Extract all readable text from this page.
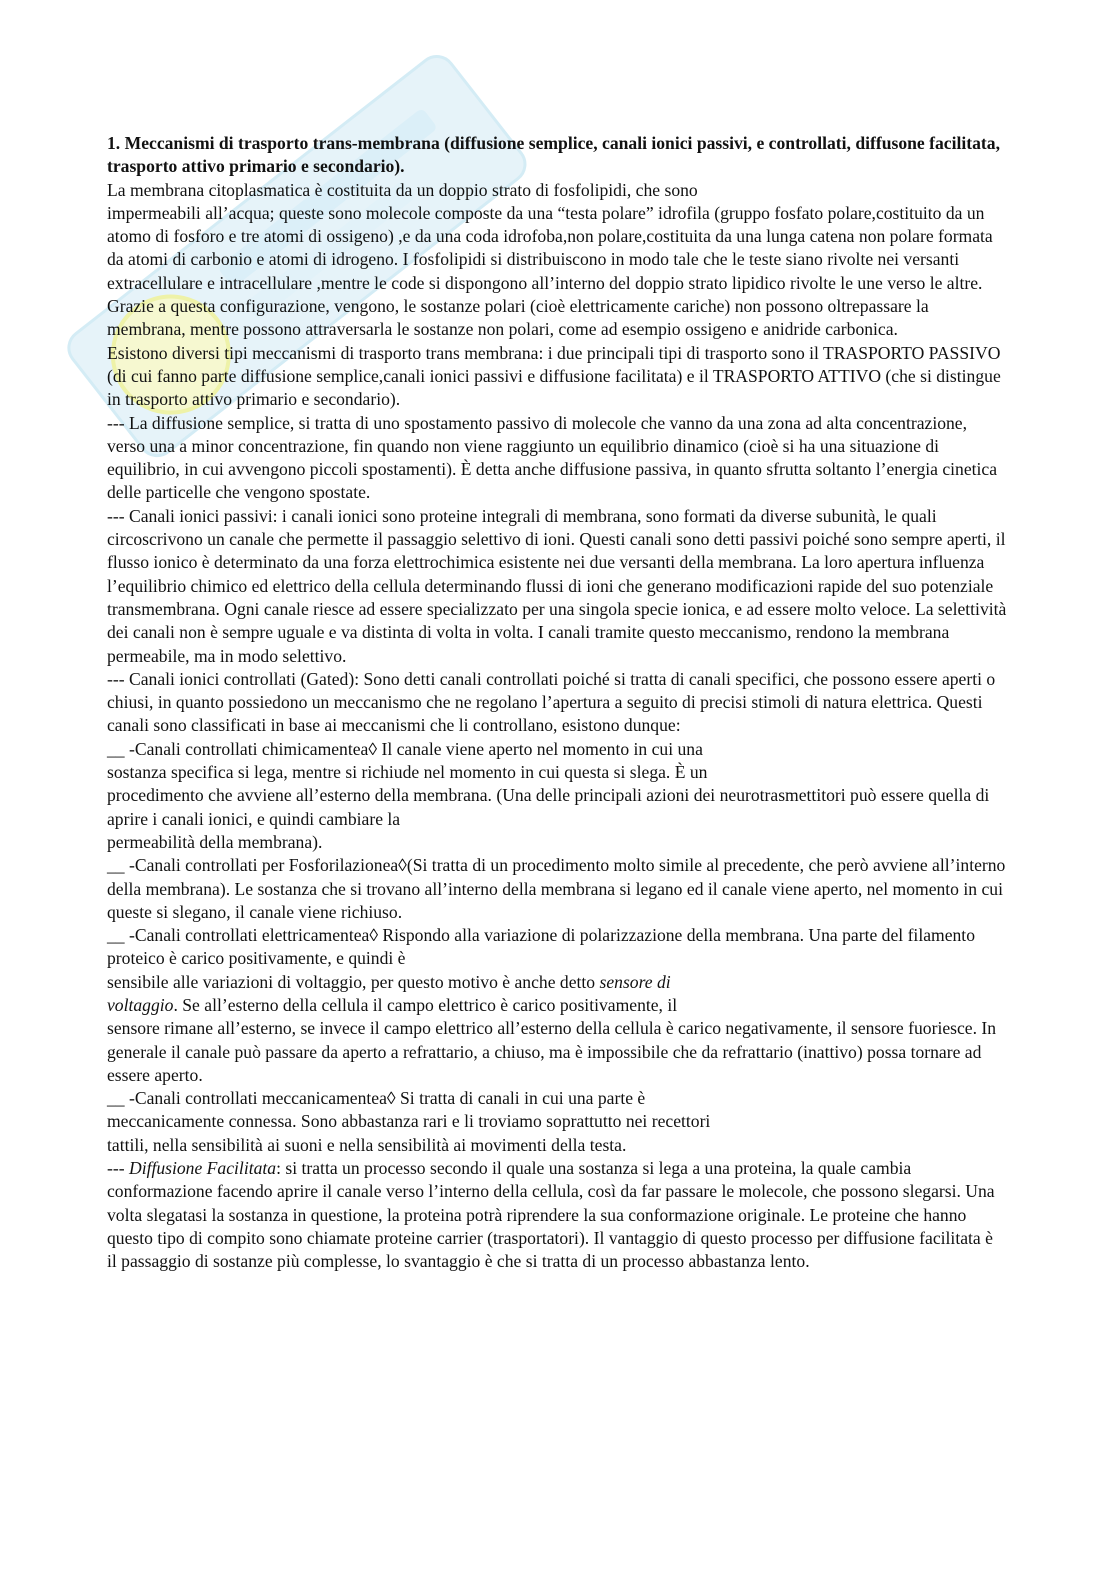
1. Meccanismi di trasporto trans-membrana (diffusione semplice, canali ionici passivi, e controllati, diffusone facilitata, trasporto attivo primario e secondario).

La membrana citoplasmatica è costituita da un doppio strato di fosfolipidi, che sono

impermeabili all’acqua; queste sono molecole composte da una “testa polare” idrofila (gruppo fosfato polare,costituito da un atomo di fosforo e tre atomi di ossigeno) ,e da una coda idrofoba,non polare,costituita da una lunga catena non polare formata da atomi di carbonio e atomi di idrogeno. I fosfolipidi si distribuiscono in modo tale che le teste siano rivolte nei versanti extracellulare e intracellulare ,mentre le code si dispongono all’interno del doppio strato lipidico rivolte le une verso le altre.

Grazie a questa configurazione, vengono, le sostanze polari (cioè elettricamente cariche) non possono oltrepassare la membrana, mentre possono attraversarla le sostanze non polari, come ad esempio ossigeno e anidride carbonica.

Esistono diversi tipi meccanismi di trasporto trans membrana: i due principali tipi di trasporto sono il TRASPORTO PASSIVO (di cui fanno parte diffusione semplice,canali ionici passivi e diffusione facilitata) e il TRASPORTO ATTIVO (che si distingue in trasporto attivo primario e secondario).

--- La diffusione semplice, si tratta di uno spostamento passivo di molecole che vanno da una zona ad alta concentrazione, verso una a minor concentrazione, fin quando non viene raggiunto un equilibrio dinamico (cioè si ha una situazione di equilibrio, in cui avvengono piccoli spostamenti). È detta anche diffusione passiva, in quanto sfrutta soltanto l’energia cinetica delle particelle che vengono spostate.

--- Canali ionici passivi: i canali ionici sono proteine integrali di membrana, sono formati da diverse subunità, le quali circoscrivono un canale che permette il passaggio selettivo di ioni. Questi canali sono detti passivi poiché sono sempre aperti, il flusso ionico è determinato da una forza elettrochimica esistente nei due versanti della membrana. La loro apertura influenza l’equilibrio chimico ed elettrico della cellula determinando flussi di ioni che generano modificazioni rapide del suo potenziale transmembrana. Ogni canale riesce ad essere specializzato per una singola specie ionica, e ad essere molto veloce. La selettività dei canali non è sempre uguale e va distinta di volta in volta. I canali tramite questo meccanismo, rendono la membrana permeabile, ma in modo selettivo.

--- Canali ionici controllati (Gated): Sono detti canali controllati poiché si tratta di canali specifici, che possono essere aperti o chiusi, in quanto possiedono un meccanismo che ne regolano l’apertura a seguito di precisi stimoli di natura elettrica. Questi canali sono classificati in base ai meccanismi che li controllano, esistono dunque:

__ -Canali controllati chimicamentea◊ Il canale viene aperto nel momento in cui una
sostanza specifica si lega, mentre si richiude nel momento in cui questa si slega. È un

procedimento che avviene all’esterno della membrana. (Una delle principali azioni dei neurotrasmettitori può essere quella di aprire i canali ionici, e quindi cambiare la

permeabilità della membrana).

__ -Canali controllati per Fosforilazionea◊(Si tratta di un procedimento molto simile al precedente, che però avviene all’interno della membrana). Le sostanza che si trovano all’interno della membrana si legano ed il canale viene aperto, nel momento in cui queste si slegano, il canale viene richiuso.

__ -Canali controllati elettricamentea◊ Rispondo alla variazione di polarizzazione della membrana. Una parte del filamento proteico è carico positivamente, e quindi è

sensibile alle variazioni di voltaggio, per questo motivo è anche detto sensore di
voltaggio. Se all’esterno della cellula il campo elettrico è carico positivamente, il

sensore rimane all’esterno, se invece il campo elettrico all’esterno della cellula è carico negativamente, il sensore fuoriesce. In generale il canale può passare da aperto a refrattario, a chiuso, ma è impossibile che da refrattario (inattivo) possa tornare ad

essere aperto.
__ -Canali controllati meccanicamentea◊ Si tratta di canali in cui una parte è
meccanicamente connessa. Sono abbastanza rari e li troviamo soprattutto nei recettori
tattili, nella sensibilità ai suoni e nella sensibilità ai movimenti della testa.

--- Diffusione Facilitata: si tratta un processo secondo il quale una sostanza si lega a una proteina, la quale cambia conformazione facendo aprire il canale verso l’interno della cellula, così da far passare le molecole, che possono slegarsi. Una volta slegatasi la sostanza in questione, la proteina potrà riprendere la sua conformazione originale. Le proteine che hanno questo tipo di compito sono chiamate proteine carrier (trasportatori). Il vantaggio di questo processo per diffusione facilitata è il passaggio di sostanze più complesse, lo svantaggio è che si tratta di un processo abbastanza lento.
